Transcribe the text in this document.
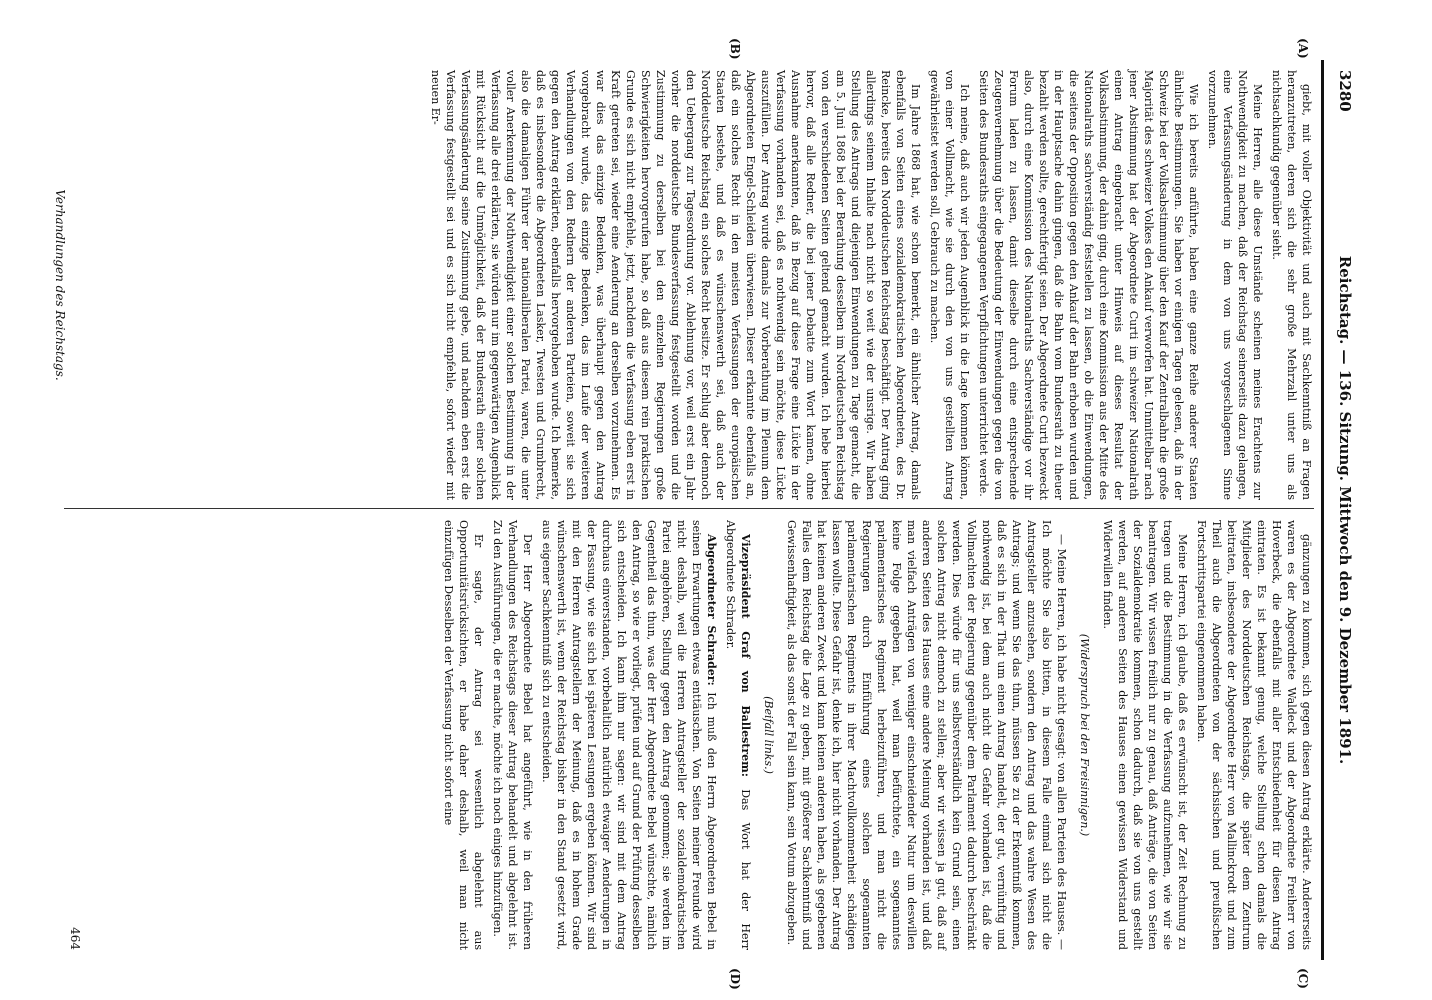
3280
Reichstag. — 136. Sitzung. Mittwoch den 9. Dezember 1891.
(A)
(B)
(C)
(D)

giebt, mit voller Objektivität und auch mit Sachkenntniß an Fragen heranzutreten, deren sich die sehr große Mehrzahl unter uns als nichtsachkundig gegenüber sieht.

Meine Herren, alle diese Umstände scheinen meines Erachtens zur Nothwendigkeit zu machen, daß der Reichstag seinerseits dazu gelangen, eine Verfassungsänderung in dem von uns vorgeschlagenen Sinne vorzunehmen.

Wie ich bereits anführte, haben eine ganze Reihe anderer Staaten ähnliche Bestimmungen. Sie haben vor einigen Tagen gelesen, daß in der Schweiz bei der Volksabstimmung über den Kauf der Zentralbahn die große Majorität des schweizer Volkes den Ankauf verworfen hat. Unmittelbar nach jener Abstimmung hat der Abgeordnete Curti im schweizer Nationalrath einen Antrag eingebracht unter Hinweis auf dieses Resultat der Volksabstimmung, der dahin ging, durch eine Kommission aus der Mitte des Nationalraths sachverständig feststellen zu lassen, ob die Einwendungen, die seitens der Opposition gegen den Ankauf der Bahn erhoben wurden und in der Hauptsache dahin gingen, daß die Bahn vom Bundesrath zu theuer bezahlt werden sollte, gerechtfertigt seien. Der Abgeordnete Curti bezweckt also, durch eine Kommission des Nationalraths Sachverständige vor ihr Forum laden zu lassen, damit dieselbe durch eine entsprechende Zeugenvernehmung über die Bedeutung der Einwendungen gegen die von Seiten des Bundesraths eingegangenen Verpflichtungen unterrichtet werde.

Ich meine, daß auch wir jeden Augenblick in die Lage kommen können, von einer Vollmacht, wie sie durch den von uns gestellten Antrag gewährleistet werden soll, Gebrauch zu machen.

Im Jahre 1868 hat, wie schon bemerkt, ein ähnlicher Antrag, damals ebenfalls von Seiten eines sozialdemokratischen Abgeordneten, des Dr. Reincke, bereits den Norddeutschen Reichstag beschäftigt. Der Antrag ging allerdings seinem Inhalte nach nicht so weit wie der unsrige. Wir haben Stellung des Antrags und diejenigen Einwendungen zu Tage gemacht, die am 5. Juni 1868 bei der Berathung desselben im Norddeutschen Reichstag von den verschiedenen Seiten geltend gemacht wurden. Ich hebe hierbei hervor, daß alle Redner, die bei jener Debatte zum Wort kamen, ohne Ausnahme anerkannten, daß in Bezug auf diese Frage eine Lücke in der Verfassung vorhanden sei, daß es nothwendig sein möchte, diese Lücke auszufüllen. Der Antrag wurde damals zur Vorberathung im Plenum dem Abgeordneten Engel-Schleiden überwiesen. Dieser erkannte ebenfalls an, daß ein solches Recht in den meisten Verfassungen der europäischen Staaten bestehe, und daß es wünschenswerth sei, daß auch der Norddeutsche Reichstag ein solches Recht besitze. Er schlug aber dennoch den Uebergang zur Tagesordnung vor. Ablehnung vor, weil erst ein Jahr vorher die norddeutsche Bundesverfassung festgestellt worden und die Zustimmung zu derselben bei den einzelnen Regierungen große Schwierigkeiten hervorgerufen habe, so daß aus diesem rein praktischen Grunde es sich nicht empfehle, jetzt, nachdem die Verfassung eben erst in Kraft getreten sei, wieder eine Aenderung an derselben vorzunehmen. Es war dies das einzige Bedenken, was überhaupt gegen den Antrag vorgebracht wurde, das einzige Bedenken, das im Laufe der weiteren Verhandlungen von den Rednern der anderen Parteien, soweit sie sich gegen den Antrag erklärten, ebenfalls hervorgehoben wurde. Ich bemerke, daß es insbesondere die Abgeordneten Lasker, Twesten und Grumbrecht, also die damaligen Führer der nationalliberalen Partei, waren, die unter voller Anerkennung der Nothwendigkeit einer solchen Bestimmung in der Verfassung alle drei erklärten, sie würden nur im gegenwärtigen Augenblick mit Rücksicht auf die Unmöglichkeit, daß der Bundesrath einer solchen Verfassungsänderung seine Zustimmung gebe, und nachdem eben erst die Verfassung festgestellt sei und es sich nicht empfehle, sofort wieder mit neuen Er-

Verhandlungen des Reichstags.

gänzungen zu kommen, sich gegen diesen Antrag erklärte. Andererseits waren es der Abgeordnete Waldeck und der Abgeordnete Freiherr von Hoverbeck, die ebenfalls mit aller Entschiedenheit für diesen Antrag eintraten. Es ist bekannt genug, welche Stellung schon damals die Mitglieder des Norddeutschen Reichstags, die später dem Zentrum beitraten, insbesondere der Abgeordnete Herr von Mallinckrodt und zum Theil auch die Abgeordneten von der sächsischen und preußischen Fortschrittspartei eingenommen haben.

Meine Herren, ich glaube, daß es erwünscht ist, der Zeit Rechnung zu tragen und die Bestimmung in die Verfassung aufzunehmen, wie wir sie beantragen. Wir wissen freilich nur zu genau, daß Anträge, die von Seiten der Sozialdemokratie kommen, schon dadurch, daß sie von uns gestellt werden, auf anderen Seiten des Hauses einen gewissen Widerstand und Widerwillen finden.

(Widerspruch bei den Freisinnigen.)

— Meine Herren, ich habe nicht gesagt: von allen Parteien des Hauses. — Ich möchte Sie also bitten, in diesem Falle einmal sich nicht die Antragsteller anzusehen, sondern den Antrag und das wahre Wesen des Antrags; und wenn Sie das thun, müssen Sie zu der Erkenntniß kommen, daß es sich in der That um einen Antrag handelt, der gut, vernünftig und nothwendig ist, bei dem auch nicht die Gefahr vorhanden ist, daß die Vollmachten der Regierung gegenüber dem Parlament dadurch beschränkt werden. Dies würde für uns selbstverständlich kein Grund sein, einen solchen Antrag nicht dennoch zu stellen; aber wir wissen ja gut, daß auf anderen Seiten des Hauses eine andere Meinung vorhanden ist, und daß man vielfach Anträgen von weniger einschneidender Natur um deswillen keine Folge gegeben hat, weil man befürchtete, ein sogenanntes parlamentarisches Regiment herbeizuführen, und man nicht die Regierungen durch Einführung eines solchen sogenannten parlamentarischen Regiments in ihrer Machtvollkommenheit schädigen lassen wollte. Diese Gefahr ist, denke ich, hier nicht vorhanden. Der Antrag hat keinen anderen Zweck und kann keinen anderen haben, als gegebenen Falles dem Reichstag die Lage zu geben, mit größerer Sachkenntniß und Gewissenhaftigkeit, als das sonst der Fall sein kann, sein Votum abzugeben.

(Beifall links.)

Vizepräsident Graf von Ballestrem: Das Wort hat der Herr Abgeordnete Schrader.

Abgeordneter Schrader: Ich muß den Herrn Abgeordneten Bebel in seinen Erwartungen etwas enttäuschen. Von Seiten meiner Freunde wird nicht deshalb, weil die Herren Antragsteller der sozialdemokratischen Partei angehören, Stellung gegen den Antrag genommen; sie werden im Gegentheil das thun, was der Herr Abgeordnete Bebel wünschte, nämlich den Antrag, so wie er vorliegt, prüfen und auf Grund der Prüfung desselben sich entscheiden. Ich kann ihm nur sagen: wir sind mit dem Antrag durchaus einverstanden, vorbehaltlich natürlich etwaiger Aenderungen in der Fassung, wie sie sich bei späteren Lesungen ergeben können. Wir sind mit den Herren Antragstellern der Meinung, daß es in hohem Grade wünschenswerth ist, wenn der Reichstag bisher in den Stand gesetzt wird, aus eigener Sachkenntniß sich zu entscheiden.

Der Herr Abgeordnete Bebel hat angeführt, wie in den früheren Verhandlungen des Reichstags dieser Antrag behandelt und abgelehnt ist. Zu den Ausführungen, die er machte, möchte ich noch einiges hinzufügen.

Er sagte, der Antrag sei wesentlich abgelehnt aus Opportunitätsrücksichten, er habe daher deshalb, weil man nicht einzufügen Desselben der Verfassung nicht sofort eine

464
